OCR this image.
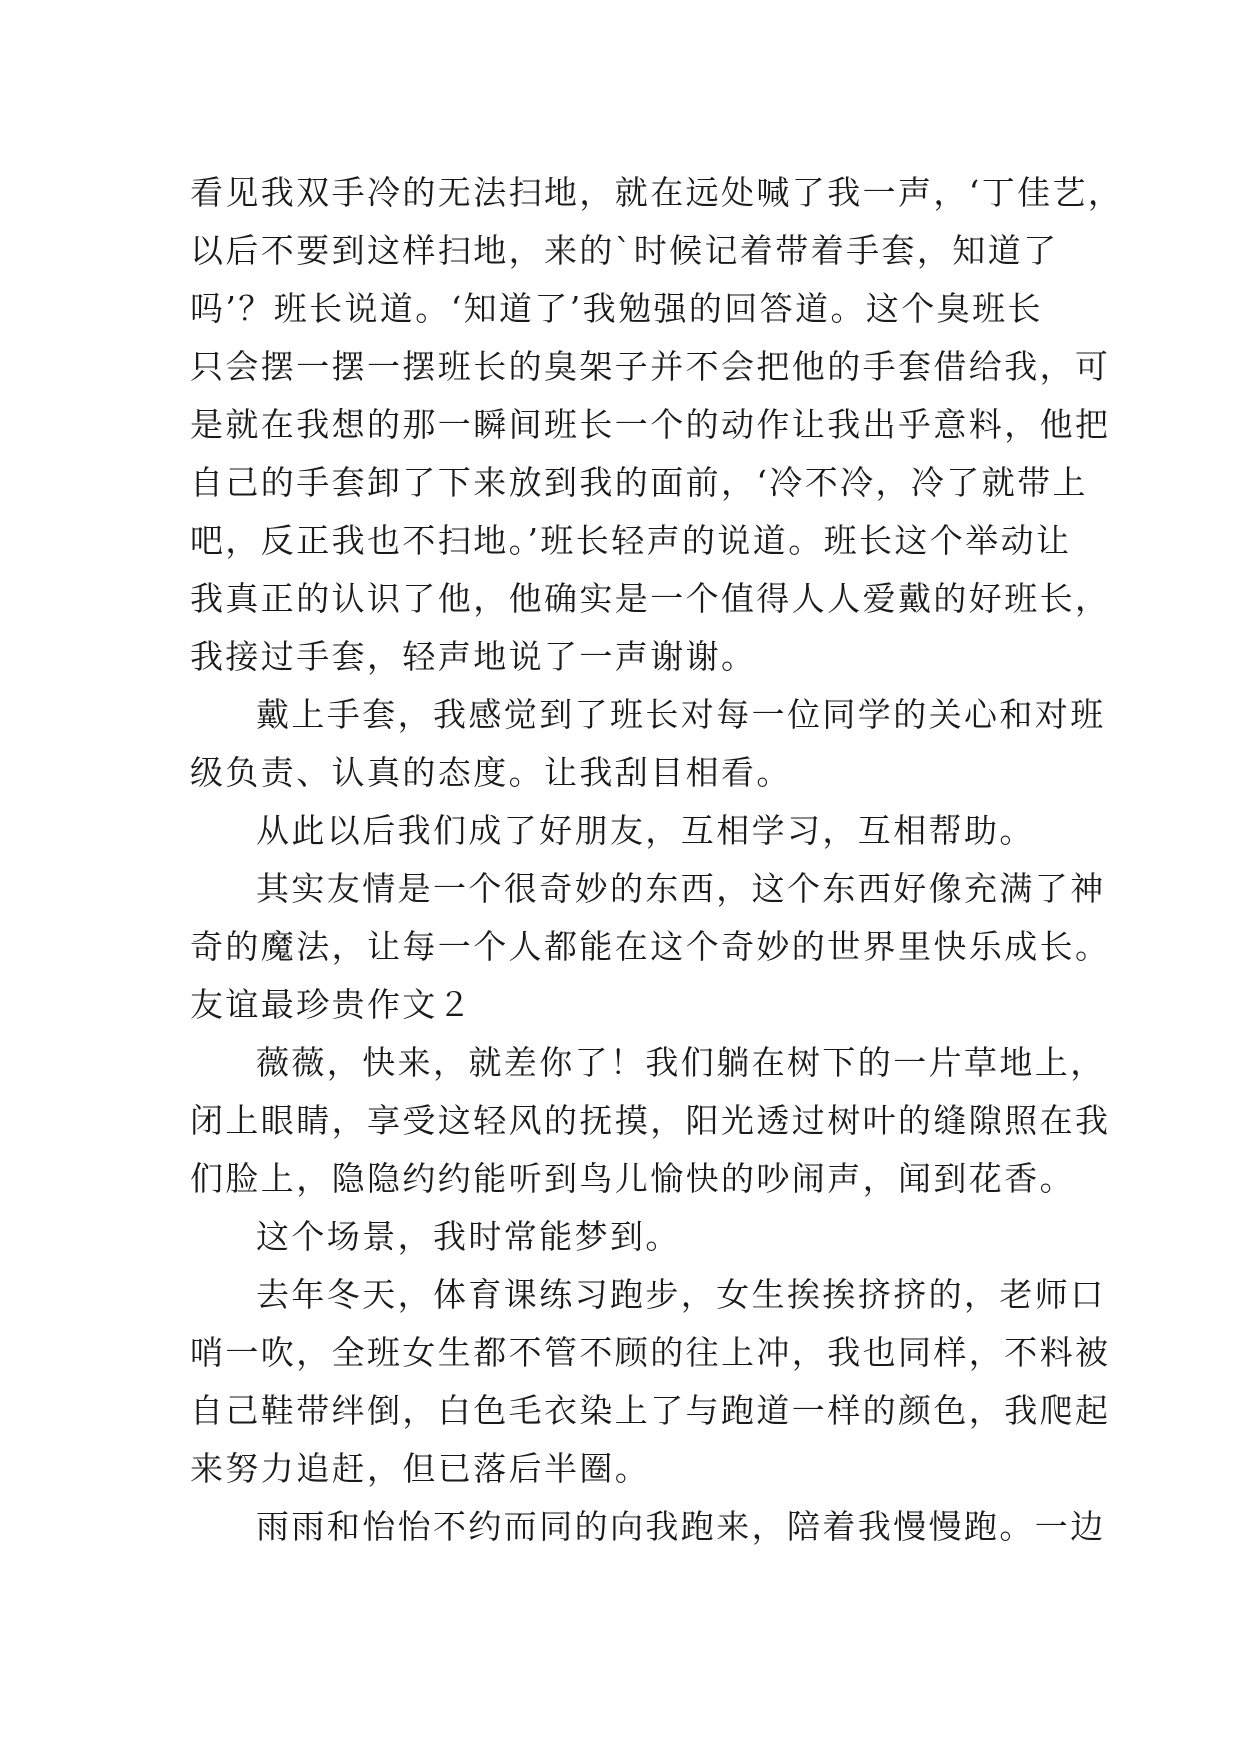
看见我双手冷的无法扫地，就在远处喊了我一声，‘丁佳艺，
以后不要到这样扫地，来的`时候记着带着手套，知道了
吗’？班长说道。‘知道了’我勉强的回答道。这个臭班长
只会摆一摆一摆班长的臭架子并不会把他的手套借给我，可
是就在我想的那一瞬间班长一个的动作让我出乎意料，他把
自己的手套卸了下来放到我的面前，‘冷不冷，冷了就带上
吧，反正我也不扫地。’班长轻声的说道。班长这个举动让
我真正的认识了他，他确实是一个值得人人爱戴的好班长，
我接过手套，轻声地说了一声谢谢。
戴上手套，我感觉到了班长对每一位同学的关心和对班
级负责、认真的态度。让我刮目相看。
从此以后我们成了好朋友，互相学习，互相帮助。
其实友情是一个很奇妙的东西，这个东西好像充满了神
奇的魔法，让每一个人都能在这个奇妙的世界里快乐成长。
友谊最珍贵作文２
薇薇，快来，就差你了！我们躺在树下的一片草地上，
闭上眼睛，享受这轻风的抚摸，阳光透过树叶的缝隙照在我
们脸上，隐隐约约能听到鸟儿愉快的吵闹声，闻到花香。
这个场景，我时常能梦到。
去年冬天，体育课练习跑步，女生挨挨挤挤的，老师口
哨一吹，全班女生都不管不顾的往上冲，我也同样，不料被
自己鞋带绊倒，白色毛衣染上了与跑道一样的颜色，我爬起
来努力追赶，但已落后半圈。
雨雨和怡怡不约而同的向我跑来，陪着我慢慢跑。一边
